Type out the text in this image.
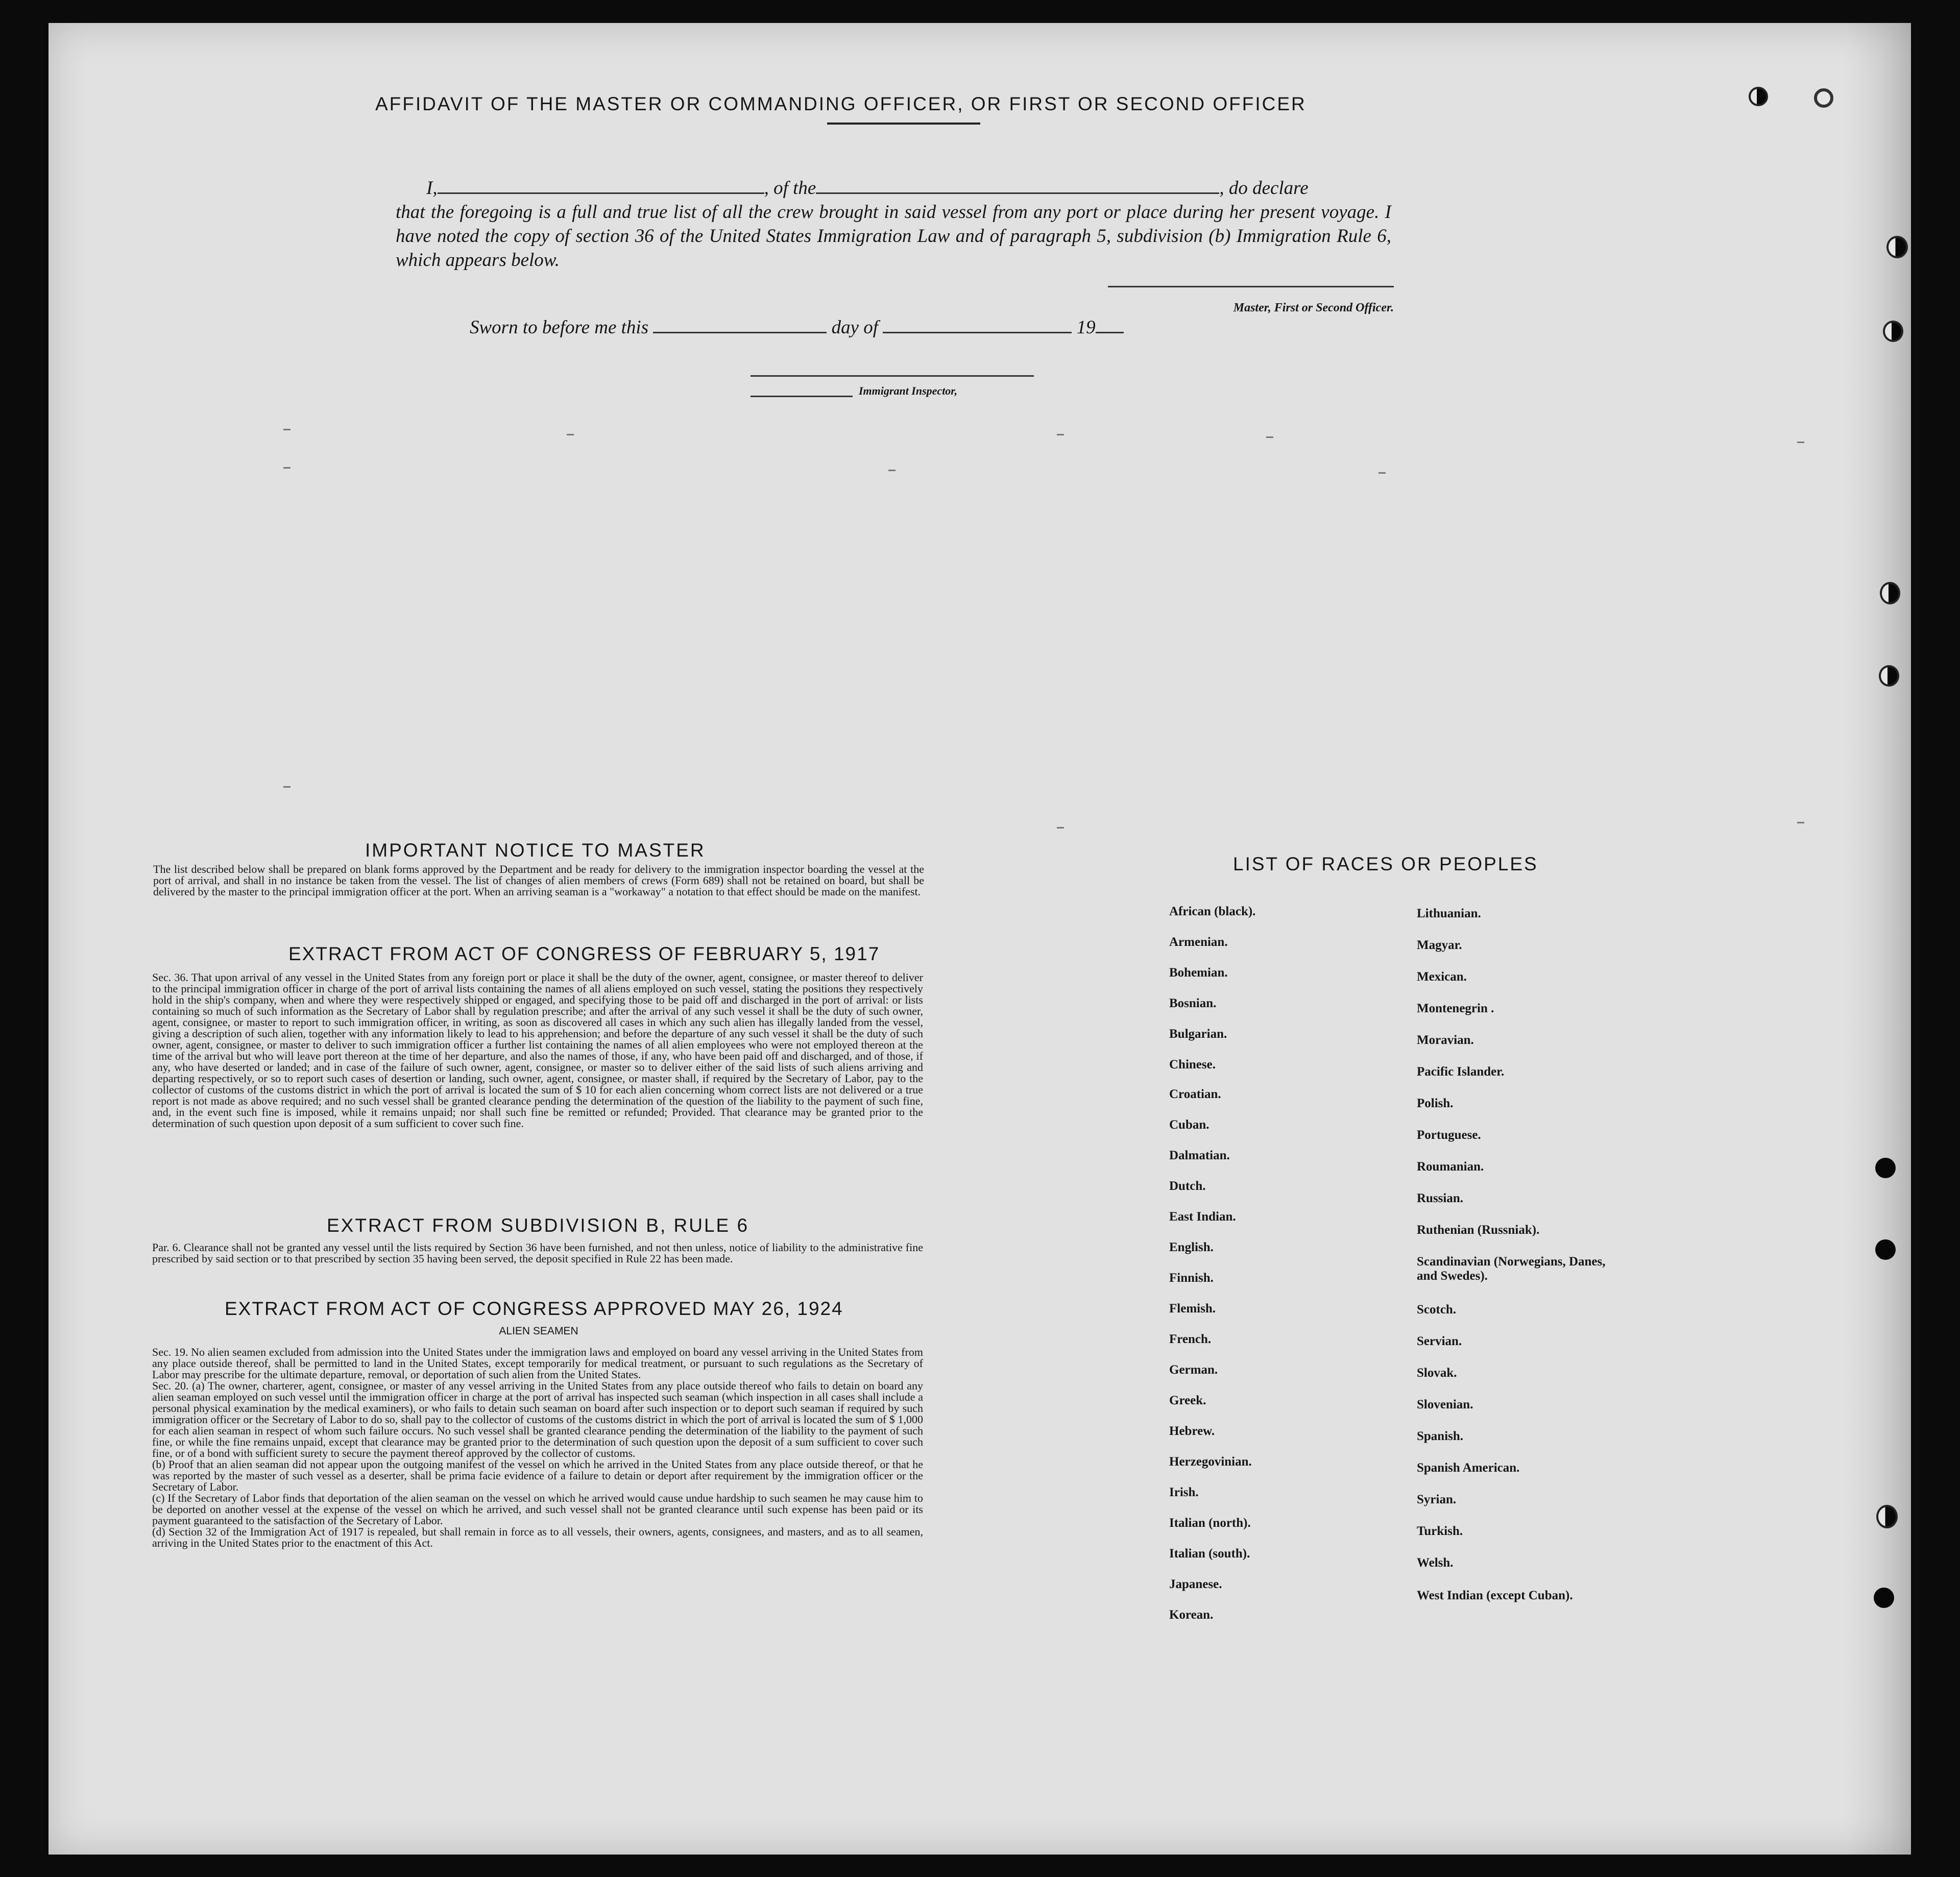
AFFIDAVIT OF THE MASTER OR COMMANDING OFFICER, OR FIRST OR SECOND OFFICER
I,	, of the	, do declare
that the foregoing is a full and true list of all the crew brought in said vessel from any port or place during her present voyage. I have noted the copy of section 36 of the United States Immigration Law and of paragraph 5, subdivision (b) Immigration Rule 6, which appears below.
Master, First or Second Officer.
Sworn to before me this	day of	19
Immigrant Inspector,
IMPORTANT NOTICE TO MASTER
The list described below shall be prepared on blank forms approved by the Department and be ready for delivery to the immigration inspector boarding the vessel at the port of arrival, and shall in no instance be taken from the vessel. The list of changes of alien members of crews (Form 689) shall not be retained on board, but shall be delivered by the master to the principal immigration officer at the port. When an arriving seaman is a "workaway" a notation to that effect should be made on the manifest.
EXTRACT FROM ACT OF CONGRESS OF FEBRUARY 5, 1917
Sec. 36. That upon arrival of any vessel in the United States from any foreign port or place it shall be the duty of the owner, agent, consignee, or master thereof to deliver to the principal immigration officer in charge of the port of arrival lists containing the names of all aliens employed on such vessel, stating the positions they respectively hold in the ship's company, when and where they were respectively shipped or engaged, and specifying those to be paid off and discharged in the port of arrival: or lists containing so much of such information as the Secretary of Labor shall by regulation prescribe; and after the arrival of any such vessel it shall be the duty of such owner, agent, consignee, or master to report to such immigration officer, in writing, as soon as discovered all cases in which any such alien has illegally landed from the vessel, giving a description of such alien, together with any information likely to lead to his apprehension; and before the departure of any such vessel it shall be the duty of such owner, agent, consignee, or master to deliver to such immigration officer a further list containing the names of all alien employees who were not employed thereon at the time of the arrival but who will leave port thereon at the time of her departure, and also the names of those, if any, who have been paid off and discharged, and of those, if any, who have deserted or landed; and in case of the failure of such owner, agent, consignee, or master so to deliver either of the said lists of such aliens arriving and departing respectively, or so to report such cases of desertion or landing, such owner, agent, consignee, or master shall, if required by the Secretary of Labor, pay to the collector of customs of the customs district in which the port of arrival is located the sum of $ 10 for each alien concerning whom correct lists are not delivered or a true report is not made as above required; and no such vessel shall be granted clearance pending the determination of the question of the liability to the payment of such fine, and, in the event such fine is imposed, while it remains unpaid; nor shall such fine be remitted or refunded; Provided. That clearance may be granted prior to the determination of such question upon deposit of a sum sufficient to cover such fine.
EXTRACT FROM SUBDIVISION B, RULE 6
Par. 6. Clearance shall not be granted any vessel until the lists required by Section 36 have been furnished, and not then unless, notice of liability to the administrative fine prescribed by said section or to that prescribed by section 35 having been served, the deposit specified in Rule 22 has been made.
EXTRACT FROM ACT OF CONGRESS APPROVED MAY 26, 1924
ALIEN SEAMEN
Sec. 19. No alien seamen excluded from admission into the United States under the immigration laws and employed on board any vessel arriving in the United States from any place outside thereof, shall be permitted to land in the United States, except temporarily for medical treatment, or pursuant to such regulations as the Secretary of Labor may prescribe for the ultimate departure, removal, or deportation of such alien from the United States.
Sec. 20. (a) The owner, charterer, agent, consignee, or master of any vessel arriving in the United States from any place outside thereof who fails to detain on board any alien seaman employed on such vessel until the immigration officer in charge at the port of arrival has inspected such seaman (which inspection in all cases shall include a personal physical examination by the medical examiners), or who fails to detain such seaman on board after such inspection or to deport such seaman if required by such immigration officer or the Secretary of Labor to do so, shall pay to the collector of customs of the customs district in which the port of arrival is located the sum of $ 1,000 for each alien seaman in respect of whom such failure occurs. No such vessel shall be granted clearance pending the determination of the liability to the payment of such fine, or while the fine remains unpaid, except that clearance may be granted prior to the determination of such question upon the deposit of a sum sufficient to cover such fine, or of a bond with sufficient surety to secure the payment thereof approved by the collector of customs.
(b) Proof that an alien seaman did not appear upon the outgoing manifest of the vessel on which he arrived in the United States from any place outside thereof, or that he was reported by the master of such vessel as a deserter, shall be prima facie evidence of a failure to detain or deport after requirement by the immigration officer or the Secretary of Labor.
(c) If the Secretary of Labor finds that deportation of the alien seaman on the vessel on which he arrived would cause undue hardship to such seamen he may cause him to be deported on another vessel at the expense of the vessel on which he arrived, and such vessel shall not be granted clearance until such expense has been paid or its payment guaranteed to the satisfaction of the Secretary of Labor.
(d) Section 32 of the Immigration Act of 1917 is repealed, but shall remain in force as to all vessels, their owners, agents, consignees, and masters, and as to all seamen, arriving in the United States prior to the enactment of this Act.
LIST OF RACES OR PEOPLES
African (black).
Armenian.
Bohemian.
Bosnian.
Bulgarian.
Chinese.
Croatian.
Cuban.
Dalmatian.
Dutch.
East Indian.
English.
Finnish.
Flemish.
French.
German.
Greek.
Hebrew.
Herzegovinian.
Irish.
Italian (north).
Italian (south).
Japanese.
Korean.
Lithuanian.
Magyar.
Mexican.
Montenegrin .
Moravian.
Pacific Islander.
Polish.
Portuguese.
Roumanian.
Russian.
Ruthenian (Russniak).
Scandinavian (Norwegians, Danes, and Swedes).
Scotch.
Servian.
Slovak.
Slovenian.
Spanish.
Spanish American.
Syrian.
Turkish.
Welsh.
West Indian (except Cuban).
